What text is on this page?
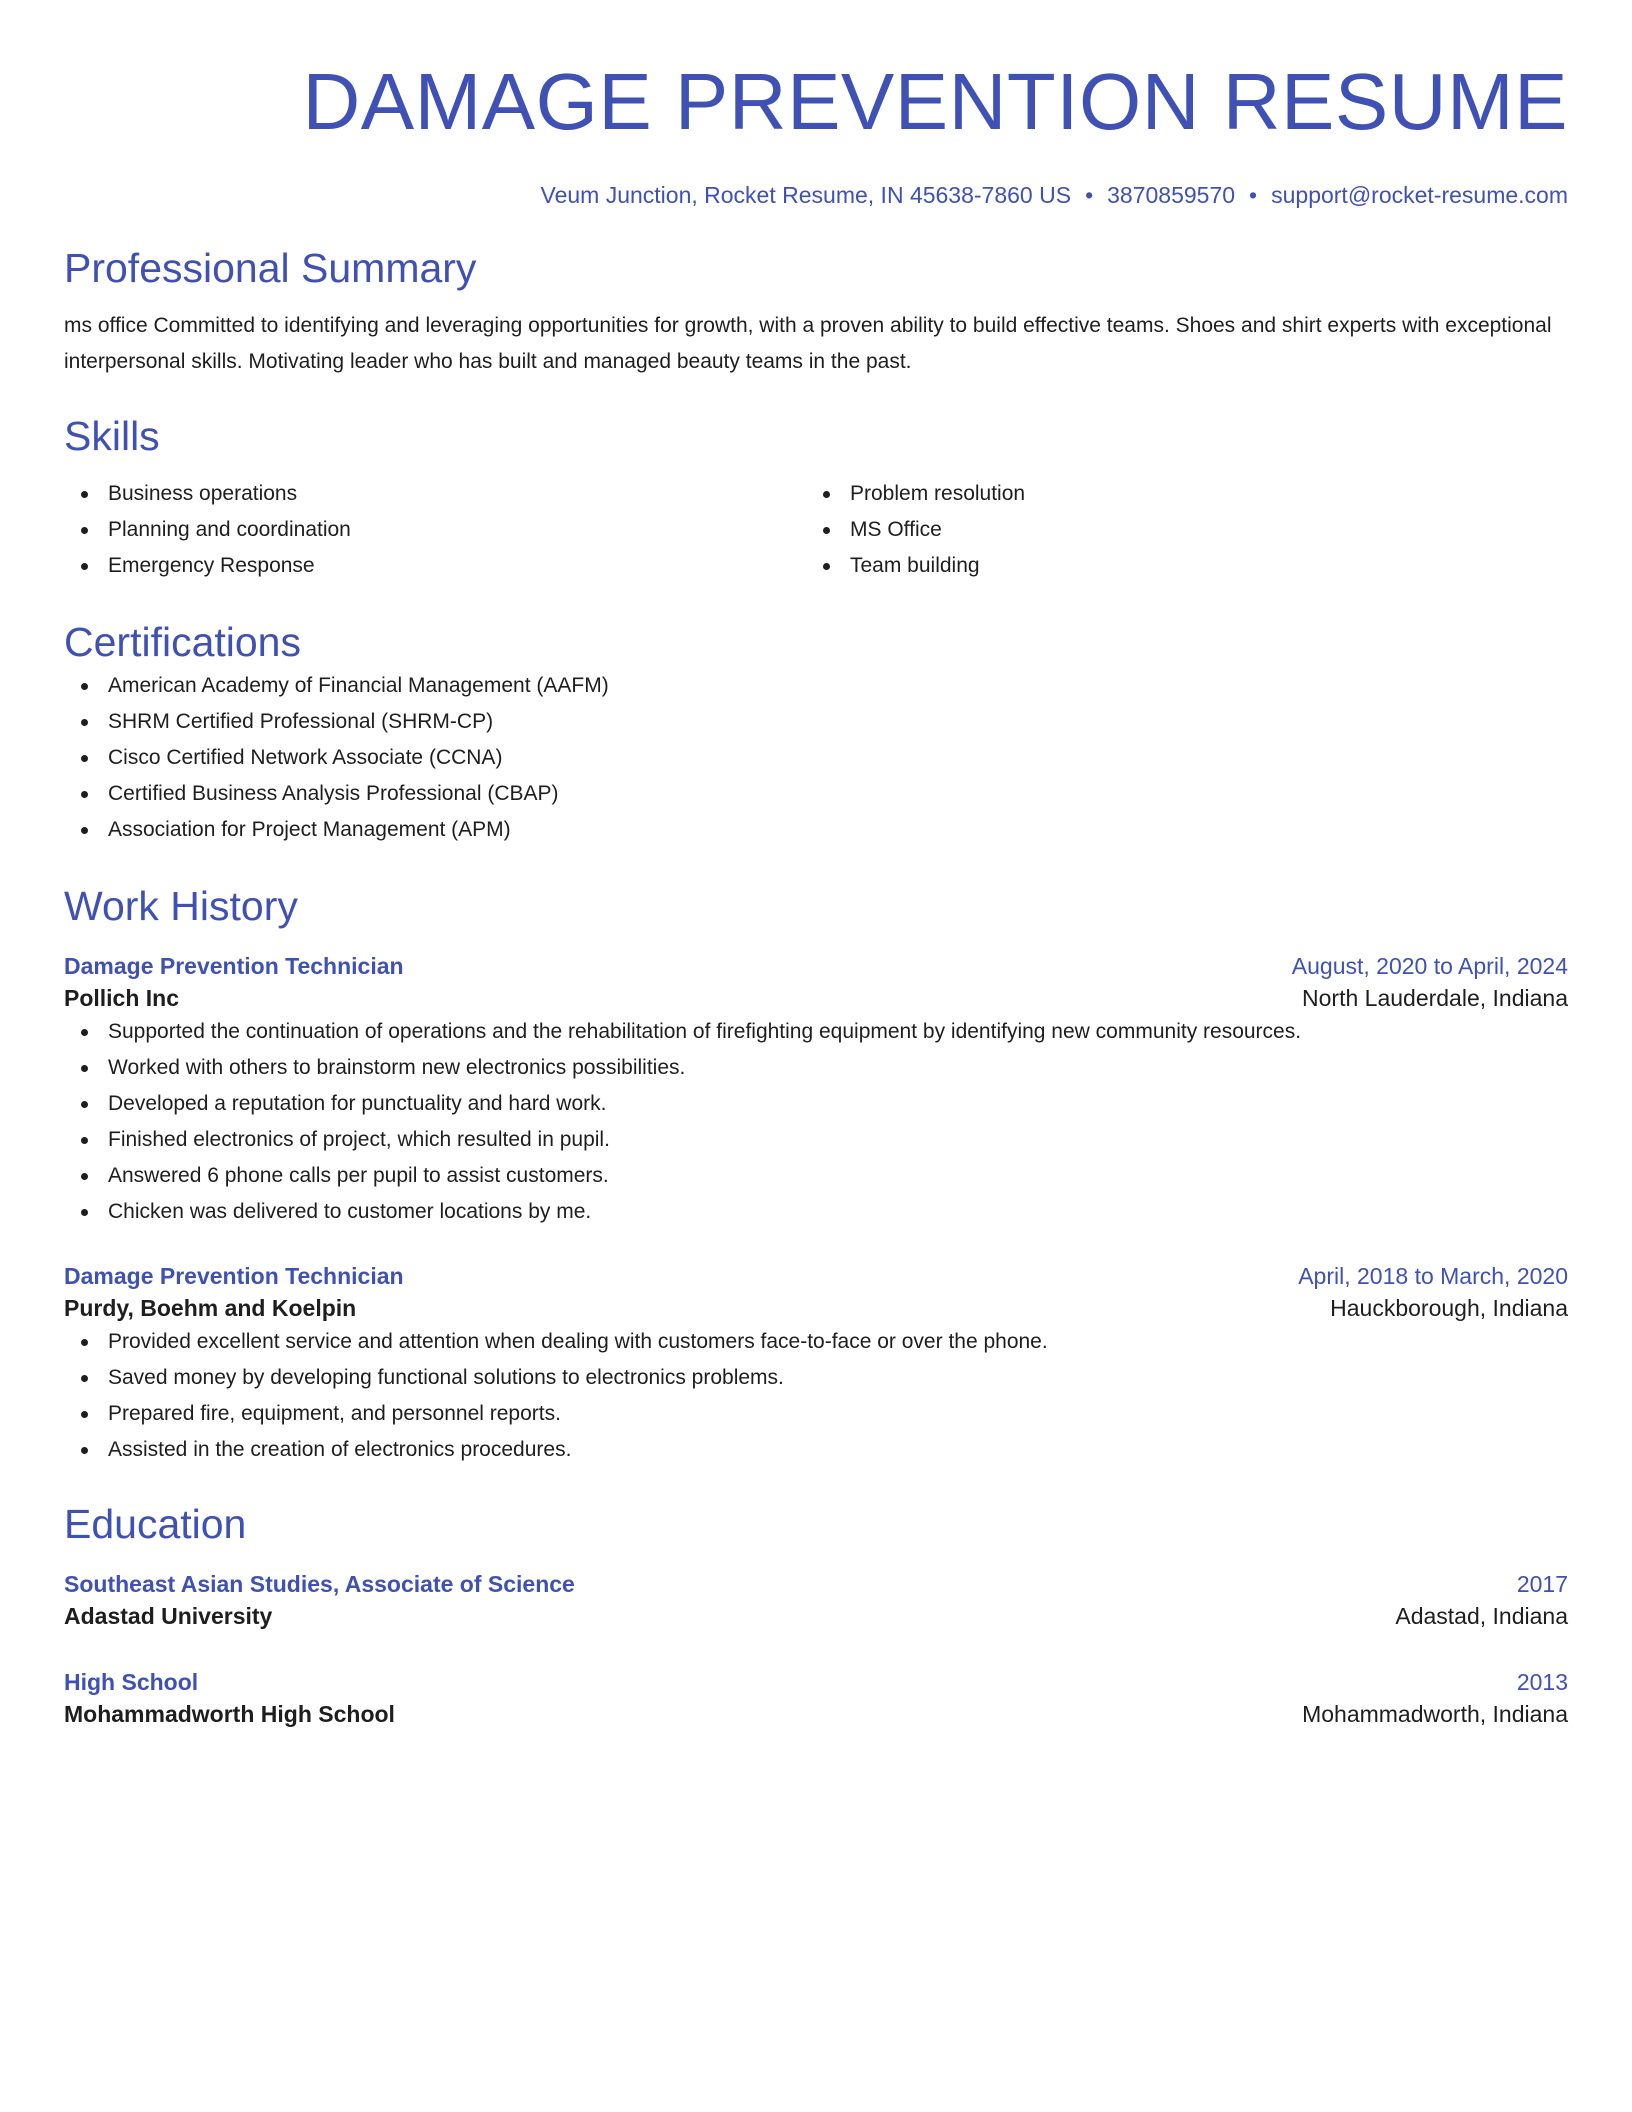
DAMAGE PREVENTION RESUME
Veum Junction, Rocket Resume, IN 45638-7860 US • 3870859570 • support@rocket-resume.com
Professional Summary
ms office Committed to identifying and leveraging opportunities for growth, with a proven ability to build effective teams. Shoes and shirt experts with exceptional interpersonal skills. Motivating leader who has built and managed beauty teams in the past.
Skills
Business operations
Planning and coordination
Emergency Response
Problem resolution
MS Office
Team building
Certifications
American Academy of Financial Management (AAFM)
SHRM Certified Professional (SHRM-CP)
Cisco Certified Network Associate (CCNA)
Certified Business Analysis Professional (CBAP)
Association for Project Management (APM)
Work History
Damage Prevention Technician	August, 2020 to April, 2024
Pollich Inc	North Lauderdale, Indiana
Supported the continuation of operations and the rehabilitation of firefighting equipment by identifying new community resources.
Worked with others to brainstorm new electronics possibilities.
Developed a reputation for punctuality and hard work.
Finished electronics of project, which resulted in pupil.
Answered 6 phone calls per pupil to assist customers.
Chicken was delivered to customer locations by me.
Damage Prevention Technician	April, 2018 to March, 2020
Purdy, Boehm and Koelpin	Hauckborough, Indiana
Provided excellent service and attention when dealing with customers face-to-face or over the phone.
Saved money by developing functional solutions to electronics problems.
Prepared fire, equipment, and personnel reports.
Assisted in the creation of electronics procedures.
Education
Southeast Asian Studies, Associate of Science	2017
Adastad University	Adastad, Indiana
High School	2013
Mohammadworth High School	Mohammadworth, Indiana
